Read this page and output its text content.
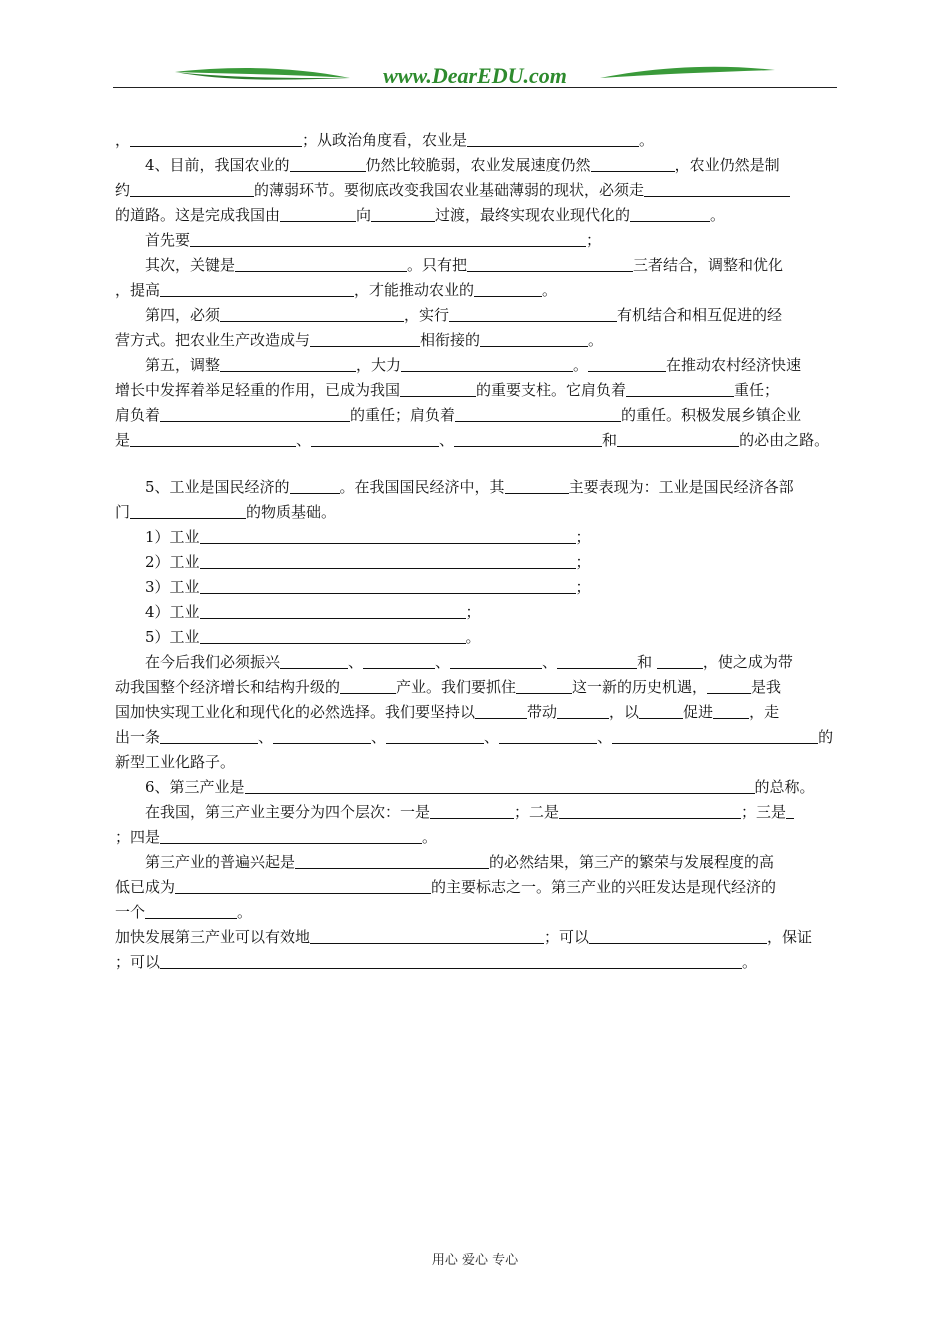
www.DearEDU.com
，	；从政治角度看，农业是	。
4、目前，我国农业的	仍然比较脆弱，农业发展速度仍然	，农业仍然是制
约	的薄弱环节。要彻底改变我国农业基础薄弱的现状，必须走
的道路。这是完成我国由	向	过渡，最终实现农业现代化的	。
首先要	；
其次，关键是	。只有把	三者结合，调整和优化
，提高	，才能推动农业的	。
第四，必须	，实行	有机结合和相互促进的经
营方式。把农业生产改造成与	相衔接的	。
第五，调整	，大力	。	在推动农村经济快速
增长中发挥着举足轻重的作用，已成为我国	的重要支柱。它肩负着	重任；
肩负着	的重任；肩负着	的重任。积极发展乡镇企业
是	、	、	和	的必由之路。
5、工业是国民经济的	。在我国国民经济中，其	主要表现为：工业是国民经济各部
门	的物质基础。
1）工业	；
2）工业	；
3）工业	；
4）工业	；
5）工业	。
在今后我们必须振兴	、	、	、	和	，使之成为带
动我国整个经济增长和结构升级的	产业。我们要抓住	这一新的历史机遇，	是我
国加快实现工业化和现代化的必然选择。我们要坚持以	带动	，以	促进 ，走
出一条	、	、	、	、	的
新型工业化路子。
6、第三产业是	的总称。
在我国，第三产业主要分为四个层次：一是	；二是	；三是
；四是	。
第三产业的普遍兴起是	的必然结果，第三产的繁荣与发展程度的高
低已成为	的主要标志之一。第三产业的兴旺发达是现代经济的
一个	。
加快发展第三产业可以有效地	；可以	，保证
；可以	。
用心 爱心 专心
